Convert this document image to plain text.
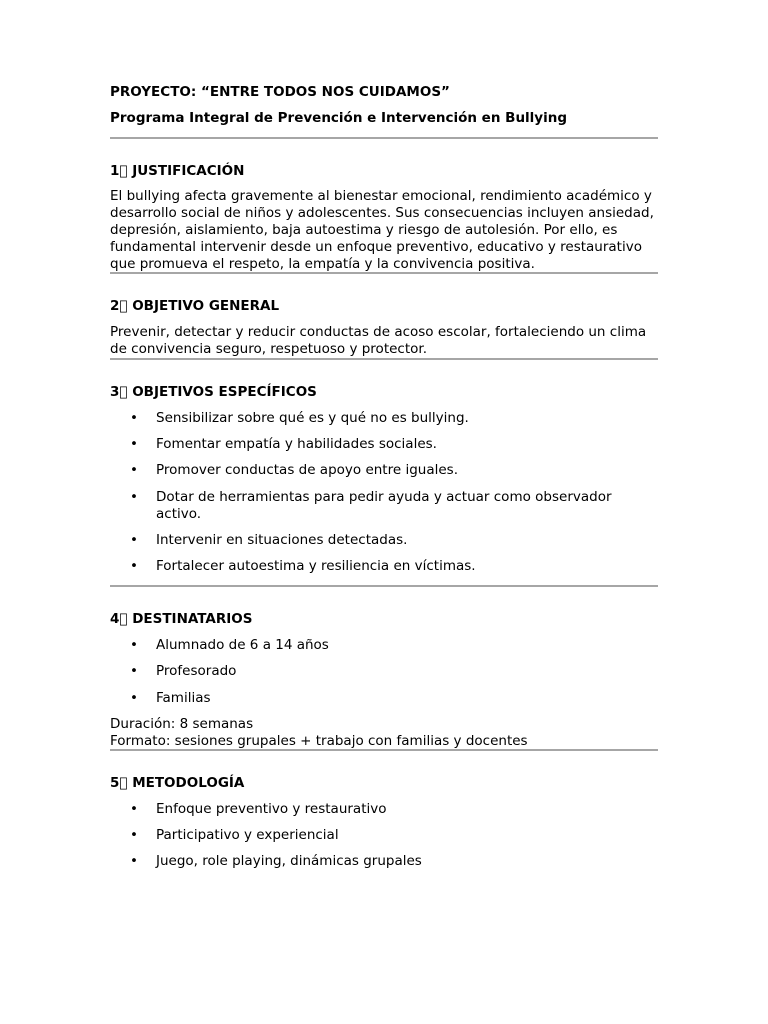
PROYECTO: “ENTRE TODOS NOS CUIDAMOS”

Programa Integral de Prevención e Intervención en Bullying

1⃣ JUSTIFICACIÓN

El bullying afecta gravemente al bienestar emocional, rendimiento académico y desarrollo social de niños y adolescentes. Sus consecuencias incluyen ansiedad, depresión, aislamiento, baja autoestima y riesgo de autolesión. Por ello, es fundamental intervenir desde un enfoque preventivo, educativo y restaurativo que promueva el respeto, la empatía y la convivencia positiva.

2⃣ OBJETIVO GENERAL

Prevenir, detectar y reducir conductas de acoso escolar, fortaleciendo un clima de convivencia seguro, respetuoso y protector.

3⃣ OBJETIVOS ESPECÍFICOS

• Sensibilizar sobre qué es y qué no es bullying.
• Fomentar empatía y habilidades sociales.
• Promover conductas de apoyo entre iguales.
• Dotar de herramientas para pedir ayuda y actuar como observador activo.
• Intervenir en situaciones detectadas.
• Fortalecer autoestima y resiliencia en víctimas.

4⃣ DESTINATARIOS

• Alumnado de 6 a 14 años
• Profesorado
• Familias

Duración: 8 semanas

Formato: sesiones grupales + trabajo con familias y docentes

5⃣ METODOLOGÍA

• Enfoque preventivo y restaurativo
• Participativo y experiencial
• Juego, role playing, dinámicas grupales
